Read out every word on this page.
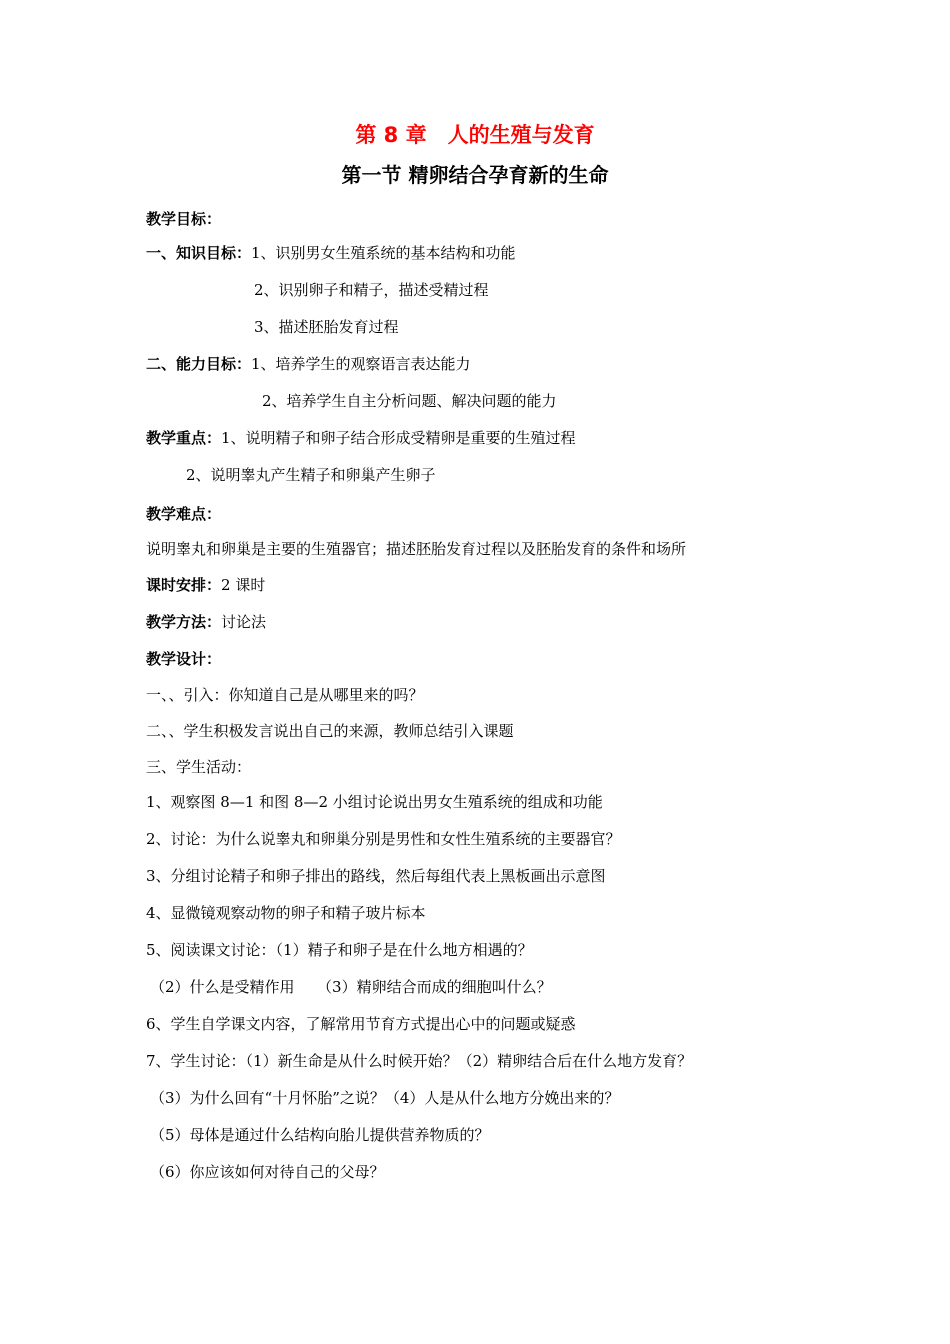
第 8 章　人的生殖与发育
第一节 精卵结合孕育新的生命
教学目标：
一、知识目标：1、识别男女生殖系统的基本结构和功能
2、识别卵子和精子，描述受精过程
3、描述胚胎发育过程
二、能力目标：1、培养学生的观察语言表达能力
2、培养学生自主分析问题、解决问题的能力
教学重点：1、说明精子和卵子结合形成受精卵是重要的生殖过程
2、说明睾丸产生精子和卵巢产生卵子
教学难点：
说明睾丸和卵巢是主要的生殖器官；描述胚胎发育过程以及胚胎发育的条件和场所
课时安排：2 课时
教学方法：讨论法
教学设计：
一、、引入：你知道自己是从哪里来的吗？
二、、学生积极发言说出自己的来源，教师总结引入课题
三、学生活动：
1、观察图 8—1 和图 8—2 小组讨论说出男女生殖系统的组成和功能
2、讨论：为什么说睾丸和卵巢分别是男性和女性生殖系统的主要器官？
3、分组讨论精子和卵子排出的路线，然后每组代表上黑板画出示意图
4、显微镜观察动物的卵子和精子玻片标本
5、阅读课文讨论：（1）精子和卵子是在什么地方相遇的？
（2）什么是受精作用　　（3）精卵结合而成的细胞叫什么？
6、学生自学课文内容，了解常用节育方式提出心中的问题或疑惑
7、学生讨论：（1）新生命是从什么时候开始？（2）精卵结合后在什么地方发育？
（3）为什么回有“十月怀胎”之说？（4）人是从什么地方分娩出来的？
（5）母体是通过什么结构向胎儿提供营养物质的？
（6）你应该如何对待自己的父母？
